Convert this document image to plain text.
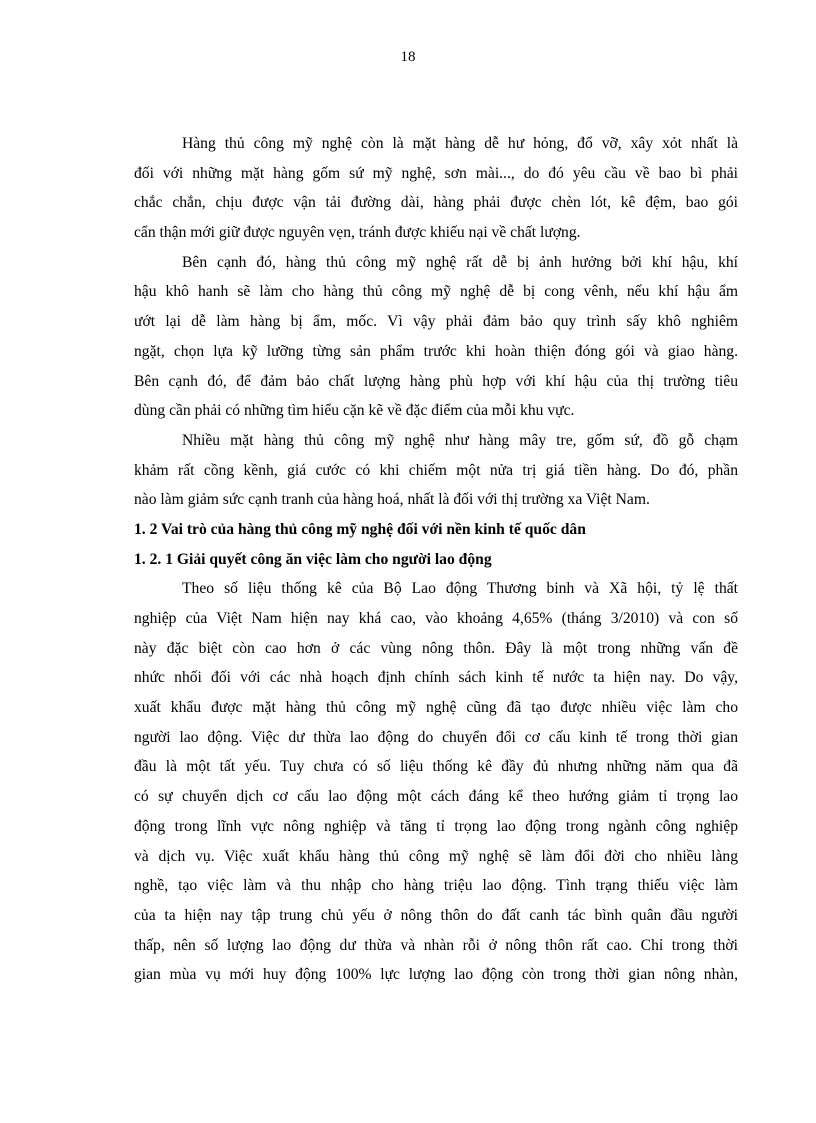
18
Hàng thủ công mỹ nghệ còn là mặt hàng dễ hư hỏng, đổ vỡ, xây xỏt nhất là
đối với những mặt hàng gốm sứ mỹ nghệ, sơn mài..., do đó yêu cầu về bao bì phải
chắc chắn, chịu được vận tải đường dài, hàng phải được chèn lót, kê đệm, bao gói
cẩn thận mới giữ được nguyên vẹn, tránh được khiếu nại về chất lượng.
Bên cạnh đó, hàng thủ công mỹ nghệ rất dễ bị ảnh hưởng bởi khí hậu, khí
hậu khô hanh sẽ làm cho hàng thủ công mỹ nghệ dễ bị cong vênh, nếu khí hậu ẩm
ướt lại dễ làm hàng bị ẩm, mốc. Vì vậy phải đảm bảo quy trình sấy khô nghiêm
ngặt, chọn lựa kỹ lưỡng từng sản phẩm trước khi hoàn thiện đóng gói và giao hàng.
Bên cạnh đó, để đảm bảo chất lượng hàng phù hợp với khí hậu của thị trường tiêu
dùng cần phải có những tìm hiểu cặn kẽ về đặc điểm của mỗi khu vực.
Nhiều mặt hàng thủ công mỹ nghệ như hàng mây tre, gốm sứ, đồ gỗ chạm
khảm rất cồng kềnh, giá cước có khi chiếm một nửa trị giá tiền hàng. Do đó, phần
nào làm giảm sức cạnh tranh của hàng hoá, nhất là đối với thị trường xa Việt Nam.
1. 2 Vai trò của hàng thủ công mỹ nghệ đối với nền kinh tế quốc dân
1. 2. 1 Giải quyết công ăn việc làm cho người lao động
Theo số liệu thống kê của Bộ Lao động Thương binh và Xã hội, tỷ lệ thất
nghiệp của Việt Nam hiện nay khá cao, vào khoảng 4,65% (tháng 3/2010) và con số
này đặc biệt còn cao hơn ở các vùng nông thôn. Đây là một trong những vấn đề
nhức nhối đối với các nhà hoạch định chính sách kinh tế nước ta hiện nay. Do vậy,
xuất khẩu được mặt hàng thủ công mỹ nghệ cũng đã tạo được nhiều việc làm cho
người lao động. Việc dư thừa lao động do chuyển đổi cơ cấu kinh tế trong thời gian
đầu là một tất yếu. Tuy chưa có số liệu thống kê đầy đủ nhưng những năm qua đã
có sự chuyển dịch cơ cấu lao động một cách đáng kể theo hướng giảm tỉ trọng lao
động trong lĩnh vực nông nghiệp và tăng tỉ trọng lao động trong ngành công nghiệp
và dịch vụ. Việc xuất khẩu hàng thủ công mỹ nghệ sẽ làm đổi đời cho nhiều làng
nghề, tạo việc làm và thu nhập cho hàng triệu lao động. Tình trạng thiếu việc làm
của ta hiện nay tập trung chủ yếu ở nông thôn do đất canh tác bình quân đầu người
thấp, nên số lượng lao động dư thừa và nhàn rỗi ở nông thôn rất cao. Chỉ trong thời
gian mùa vụ mới huy động 100% lực lượng lao động còn trong thời gian nông nhàn,
